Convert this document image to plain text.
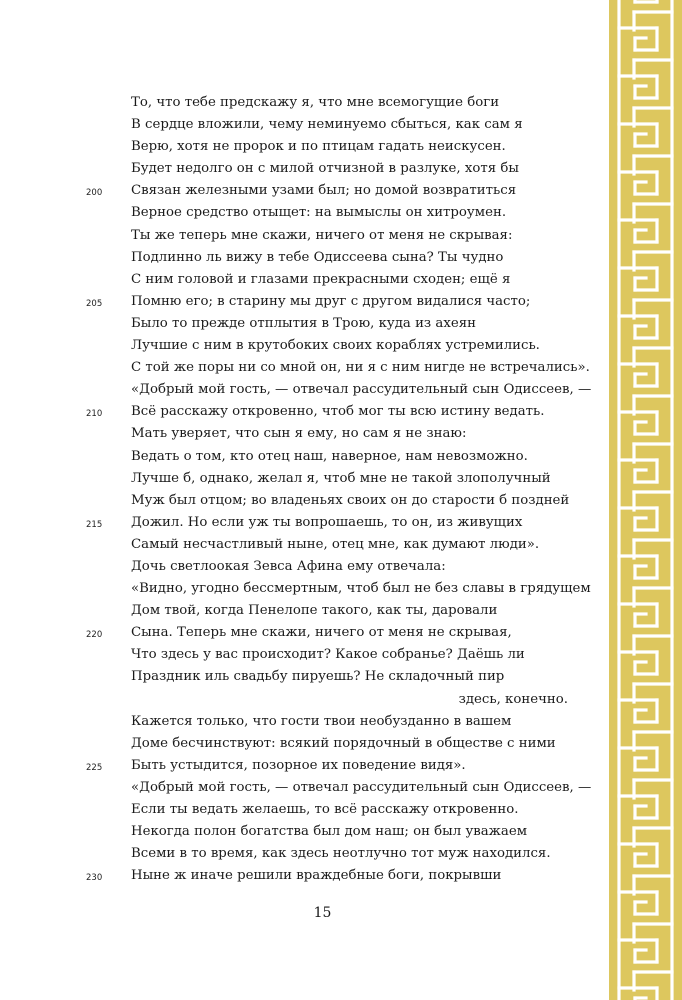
То, что тебе предскажу я, что мне всемогущие боги
В сердце вложили, чему неминуемо сбыться, как сам я
Верю, хотя не пророк и по птицам гадать неискусен.
Будет недолго он с милой отчизной в разлуке, хотя бы
Связан железными узами был; но домой возвратиться
200
Верное средство отыщет: на вымыслы он хитроумен.
Ты же теперь мне скажи, ничего от меня не скрывая:
Подлинно ль вижу в тебе Одиссеева сына? Ты чудно
С ним головой и глазами прекрасными сходен; ещё я
Помню его; в старину мы друг с другом видалися часто;
205
Было то прежде отплытия в Трою, куда из ахеян
Лучшие с ним в крутобоких своих кораблях устремились.
С той же поры ни со мной он, ни я с ним нигде не встречались».
«Добрый мой гость, — отвечал рассудительный сын Одиссеев, —
Всё расскажу откровенно, чтоб мог ты всю истину ведать.
210
Мать уверяет, что сын я ему, но сам я не знаю:
Ведать о том, кто отец наш, наверное, нам невозможно.
Лучше б, однако, желал я, чтоб мне не такой злополучный
Муж был отцом; во владеньях своих он до старости б поздней
Дожил. Но если уж ты вопрошаешь, то он, из живущих
215
Самый несчастливый ныне, отец мне, как думают люди».
Дочь светлоокая Зевса Афина ему отвечала:
«Видно, угодно бессмертным, чтоб был не без славы в грядущем
Дом твой, когда Пенелопе такого, как ты, даровали
Сына. Теперь мне скажи, ничего от меня не скрывая,
220
Что здесь у вас происходит? Какое собранье? Даёшь ли
Праздник иль свадьбу пируешь? Не складочный пир
здесь, конечно.
Кажется только, что гости твои необузданно в вашем
Доме бесчинствуют: всякий порядочный в обществе с ними
Быть устыдится, позорное их поведение видя».
225
«Добрый мой гость, — отвечал рассудительный сын Одиссеев, —
Если ты ведать желаешь, то всё расскажу откровенно.
Некогда полон богатства был дом наш; он был уважаем
Всеми в то время, как здесь неотлучно тот муж находился.
Ныне ж иначе решили враждебные боги, покрывши
230
15
